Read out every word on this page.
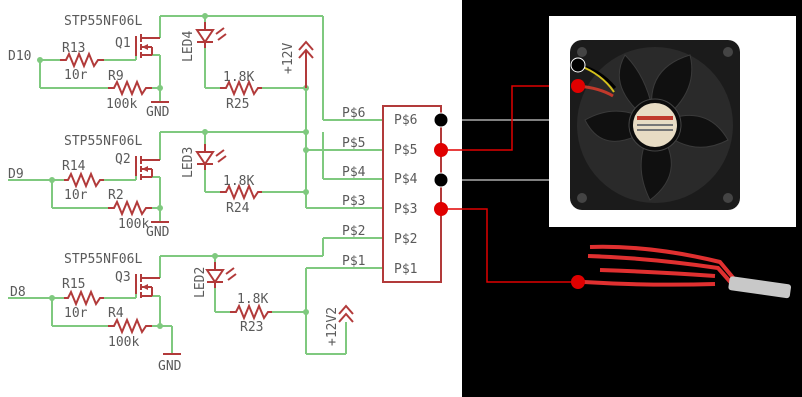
STP55NF06L
Q1
D10
R13
10r R9
100k
GND
LED4
1.8K
R25
+12V
STP55NF06L
Q2
D9
R14
10r R2
100k
GND
LED3
1.8K
R24
STP55NF06L
Q3
D8
R15
10r R4
100k
GND
LED2
1.8K
R23	+12V2
P$6
P$5
P$4
P$3
P$2
P$1
P$6
P$5
P$4
P$3
P$2
P$1
